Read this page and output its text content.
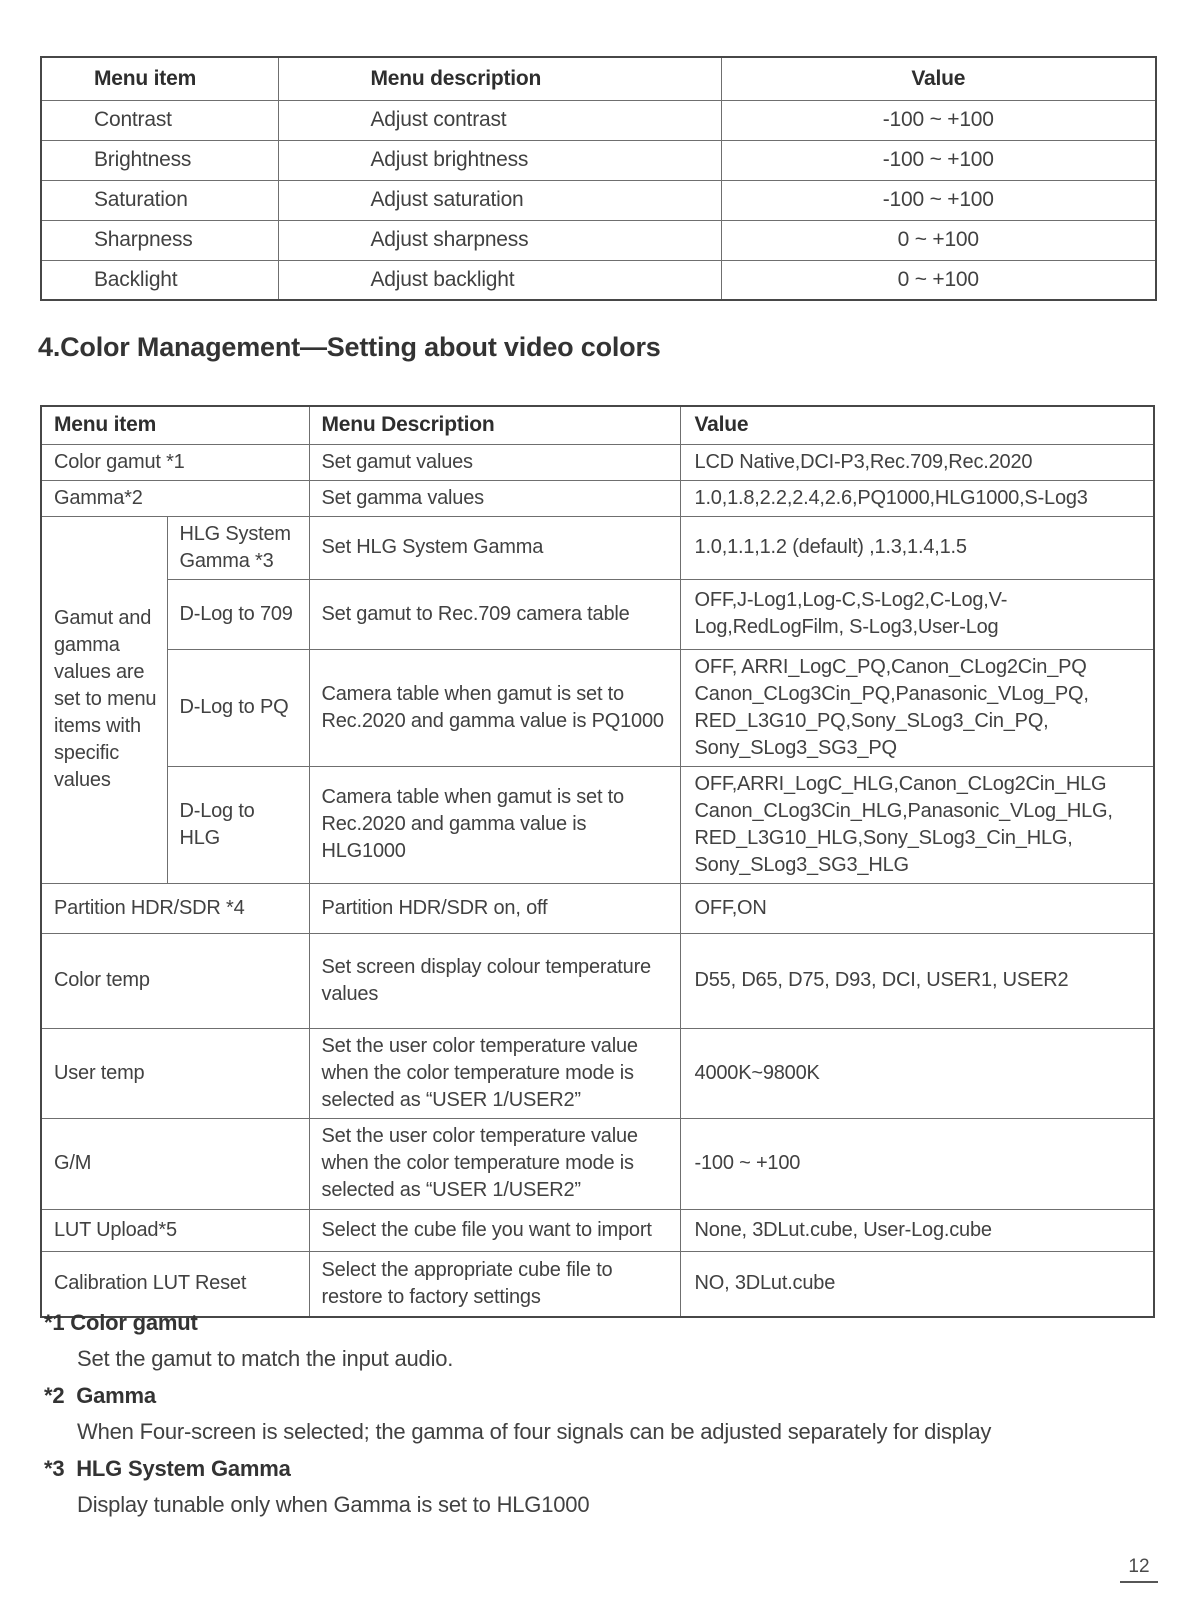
Menu item	Menu description	Value
Contrast	Adjust contrast	-100 ~ +100
Brightness	Adjust brightness	-100 ~ +100
Saturation	Adjust saturation	-100 ~ +100
Sharpness	Adjust sharpness	0 ~ +100
Backlight	Adjust backlight	0 ~ +100
4.Color Management—Setting about video colors
Menu item		Menu Description	Value
Color gamut *1		Set gamut values	LCD Native,DCI-P3,Rec.709,Rec.2020
Gamma*2		Set gamma values	1.0,1.8,2.2,2.4,2.6,PQ1000,HLG1000,S-Log3
Gamut and gamma values are set to menu items with specific values	HLG System Gamma *3	Set HLG System Gamma	1.0,1.1,1.2 (default) ,1.3,1.4,1.5
	D-Log to 709	Set gamut to Rec.709 camera table	OFF,J-Log1,Log-C,S-Log2,C-Log,V-Log,RedLogFilm, S-Log3,User-Log
	D-Log to PQ	Camera table when gamut is set to Rec.2020 and gamma value is PQ1000	OFF, ARRI_LogC_PQ,Canon_CLog2Cin_PQ Canon_CLog3Cin_PQ,Panasonic_VLog_PQ, RED_L3G10_PQ,Sony_SLog3_Cin_PQ, Sony_SLog3_SG3_PQ
	D-Log to HLG	Camera table when gamut is set to Rec.2020 and gamma value is HLG1000	OFF,ARRI_LogC_HLG,Canon_CLog2Cin_HLG Canon_CLog3Cin_HLG,Panasonic_VLog_HLG, RED_L3G10_HLG,Sony_SLog3_Cin_HLG, Sony_SLog3_SG3_HLG
Partition HDR/SDR *4		Partition HDR/SDR on, off	OFF,ON
Color temp		Set screen display colour temperature values	D55, D65, D75, D93, DCI, USER1, USER2
User temp		Set the user color temperature value when the color temperature mode is selected as “USER 1/USER2”	4000K~9800K
G/M		Set the user color temperature value when the color temperature mode is selected as “USER 1/USER2”	-100 ~ +100
LUT Upload*5		Select the cube file you want to import	None, 3DLut.cube, User-Log.cube
Calibration LUT Reset		Select the appropriate cube file to restore to factory settings	NO, 3DLut.cube
*1 Color gamut
Set the gamut to match the input audio.
*2  Gamma
When Four-screen is selected; the gamma of four signals can be adjusted separately for display
*3  HLG System Gamma
Display tunable only when Gamma is set to HLG1000
12
